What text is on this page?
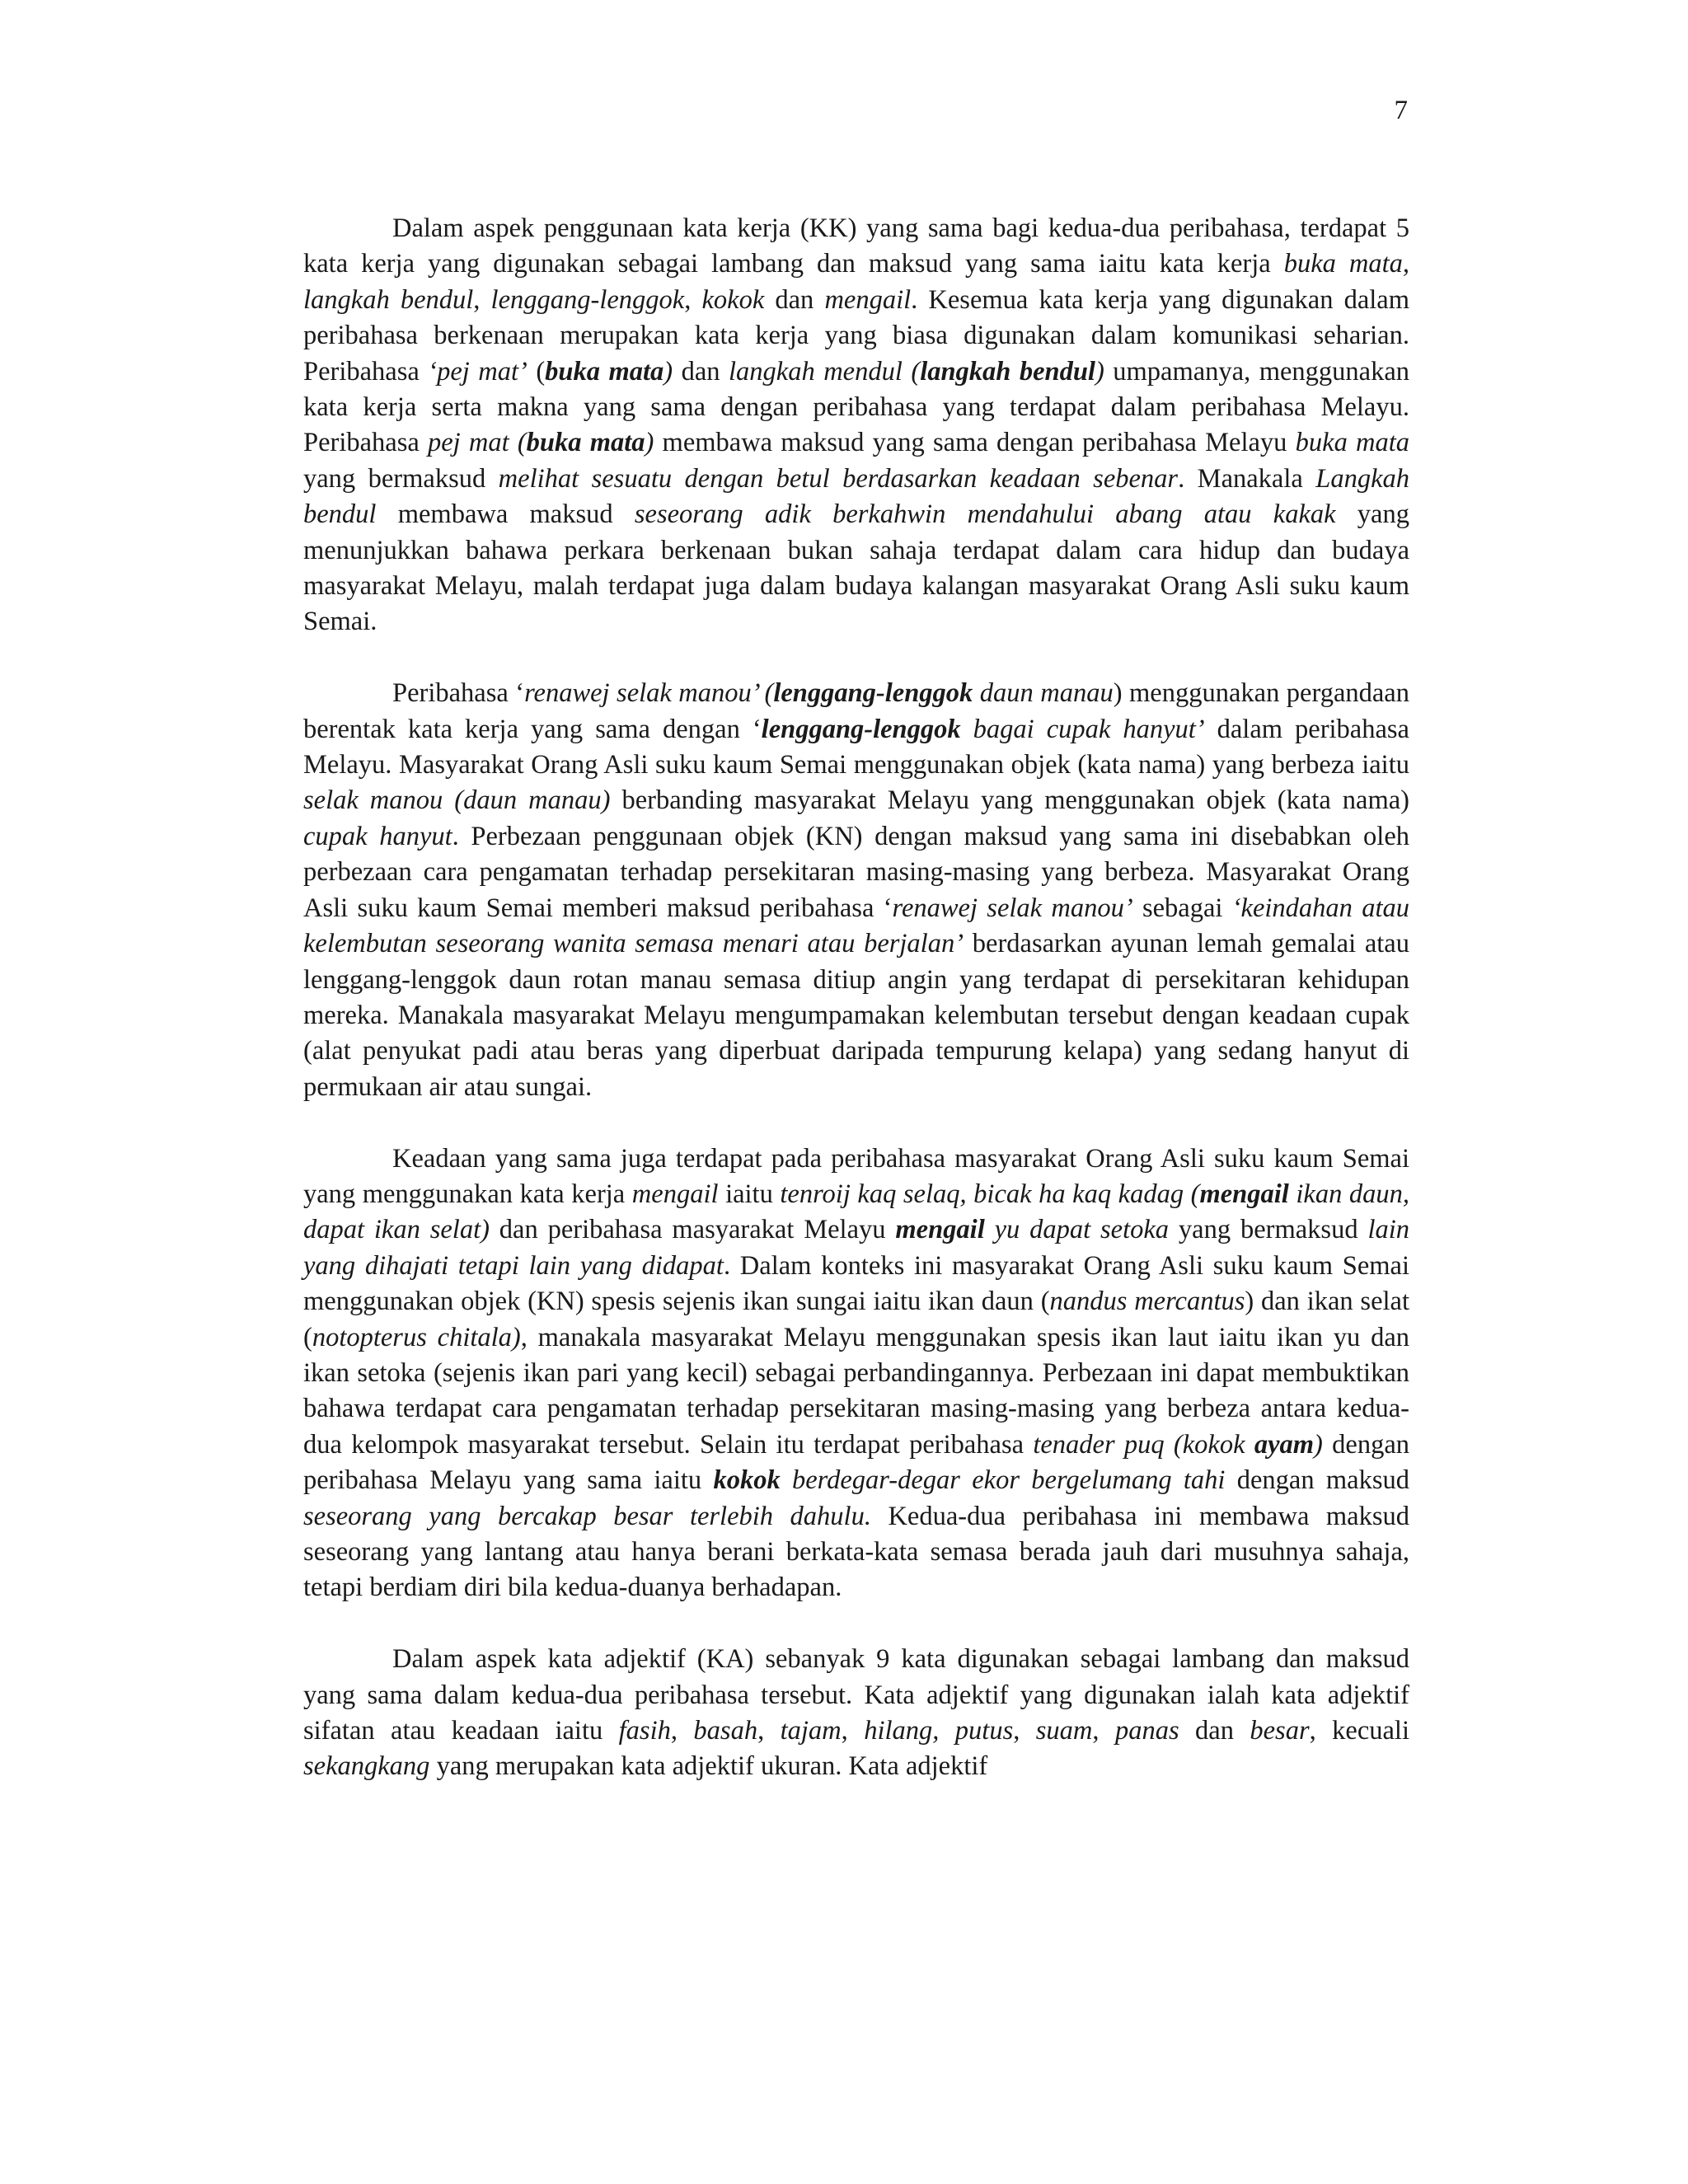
7

Dalam aspek penggunaan kata kerja (KK) yang sama bagi kedua-dua peribahasa, terdapat 5 kata kerja yang digunakan sebagai lambang dan maksud yang sama iaitu kata kerja buka mata, langkah bendul, lenggang-lenggok, kokok dan mengail. Kesemua kata kerja yang digunakan dalam peribahasa berkenaan merupakan kata kerja yang biasa digunakan dalam komunikasi seharian. Peribahasa ‘pej mat’ (buka mata) dan langkah mendul (langkah bendul) umpamanya, menggunakan kata kerja serta makna yang sama dengan peribahasa yang terdapat dalam peribahasa Melayu. Peribahasa pej mat (buka mata) membawa maksud yang sama dengan peribahasa Melayu buka mata yang bermaksud melihat sesuatu dengan betul berdasarkan keadaan sebenar. Manakala Langkah bendul membawa maksud seseorang adik berkahwin mendahului abang atau kakak yang menunjukkan bahawa perkara berkenaan bukan sahaja terdapat dalam cara hidup dan budaya masyarakat Melayu, malah terdapat juga dalam budaya kalangan masyarakat Orang Asli suku kaum Semai.

Peribahasa ‘renawej selak manou’ (lenggang-lenggok daun manau) menggunakan pergandaan berentak kata kerja yang sama dengan ‘lenggang-lenggok bagai cupak hanyut’ dalam peribahasa Melayu. Masyarakat Orang Asli suku kaum Semai menggunakan objek (kata nama) yang berbeza iaitu selak manou (daun manau) berbanding masyarakat Melayu yang menggunakan objek (kata nama) cupak hanyut. Perbezaan penggunaan objek (KN) dengan maksud yang sama ini disebabkan oleh perbezaan cara pengamatan terhadap persekitaran masing-masing yang berbeza. Masyarakat Orang Asli suku kaum Semai memberi maksud peribahasa ‘renawej selak manou’ sebagai ‘keindahan atau kelembutan seseorang wanita semasa menari atau berjalan’ berdasarkan ayunan lemah gemalai atau lenggang-lenggok daun rotan manau semasa ditiup angin yang terdapat di persekitaran kehidupan mereka. Manakala masyarakat Melayu mengumpamakan kelembutan tersebut dengan keadaan cupak (alat penyukat padi atau beras yang diperbuat daripada tempurung kelapa) yang sedang hanyut di permukaan air atau sungai.

Keadaan yang sama juga terdapat pada peribahasa masyarakat Orang Asli suku kaum Semai yang menggunakan kata kerja mengail iaitu tenroij kaq selaq, bicak ha kaq kadag (mengail ikan daun, dapat ikan selat) dan peribahasa masyarakat Melayu mengail yu dapat setoka yang bermaksud lain yang dihajati tetapi lain yang didapat. Dalam konteks ini masyarakat Orang Asli suku kaum Semai menggunakan objek (KN) spesis sejenis ikan sungai iaitu ikan daun (nandus mercantus) dan ikan selat (notopterus chitala), manakala masyarakat Melayu menggunakan spesis ikan laut iaitu ikan yu dan ikan setoka (sejenis ikan pari yang kecil) sebagai perbandingannya. Perbezaan ini dapat membuktikan bahawa terdapat cara pengamatan terhadap persekitaran masing-masing yang berbeza antara kedua-dua kelompok masyarakat tersebut. Selain itu terdapat peribahasa tenader puq (kokok ayam) dengan peribahasa Melayu yang sama iaitu kokok berdegar-degar ekor bergelumang tahi dengan maksud seseorang yang bercakap besar terlebih dahulu. Kedua-dua peribahasa ini membawa maksud seseorang yang lantang atau hanya berani berkata-kata semasa berada jauh dari musuhnya sahaja, tetapi berdiam diri bila kedua-duanya berhadapan.

Dalam aspek kata adjektif (KA) sebanyak 9 kata digunakan sebagai lambang dan maksud yang sama dalam kedua-dua peribahasa tersebut. Kata adjektif yang digunakan ialah kata adjektif sifatan atau keadaan iaitu fasih, basah, tajam, hilang, putus, suam, panas dan besar, kecuali sekangkang yang merupakan kata adjektif ukuran. Kata adjektif
